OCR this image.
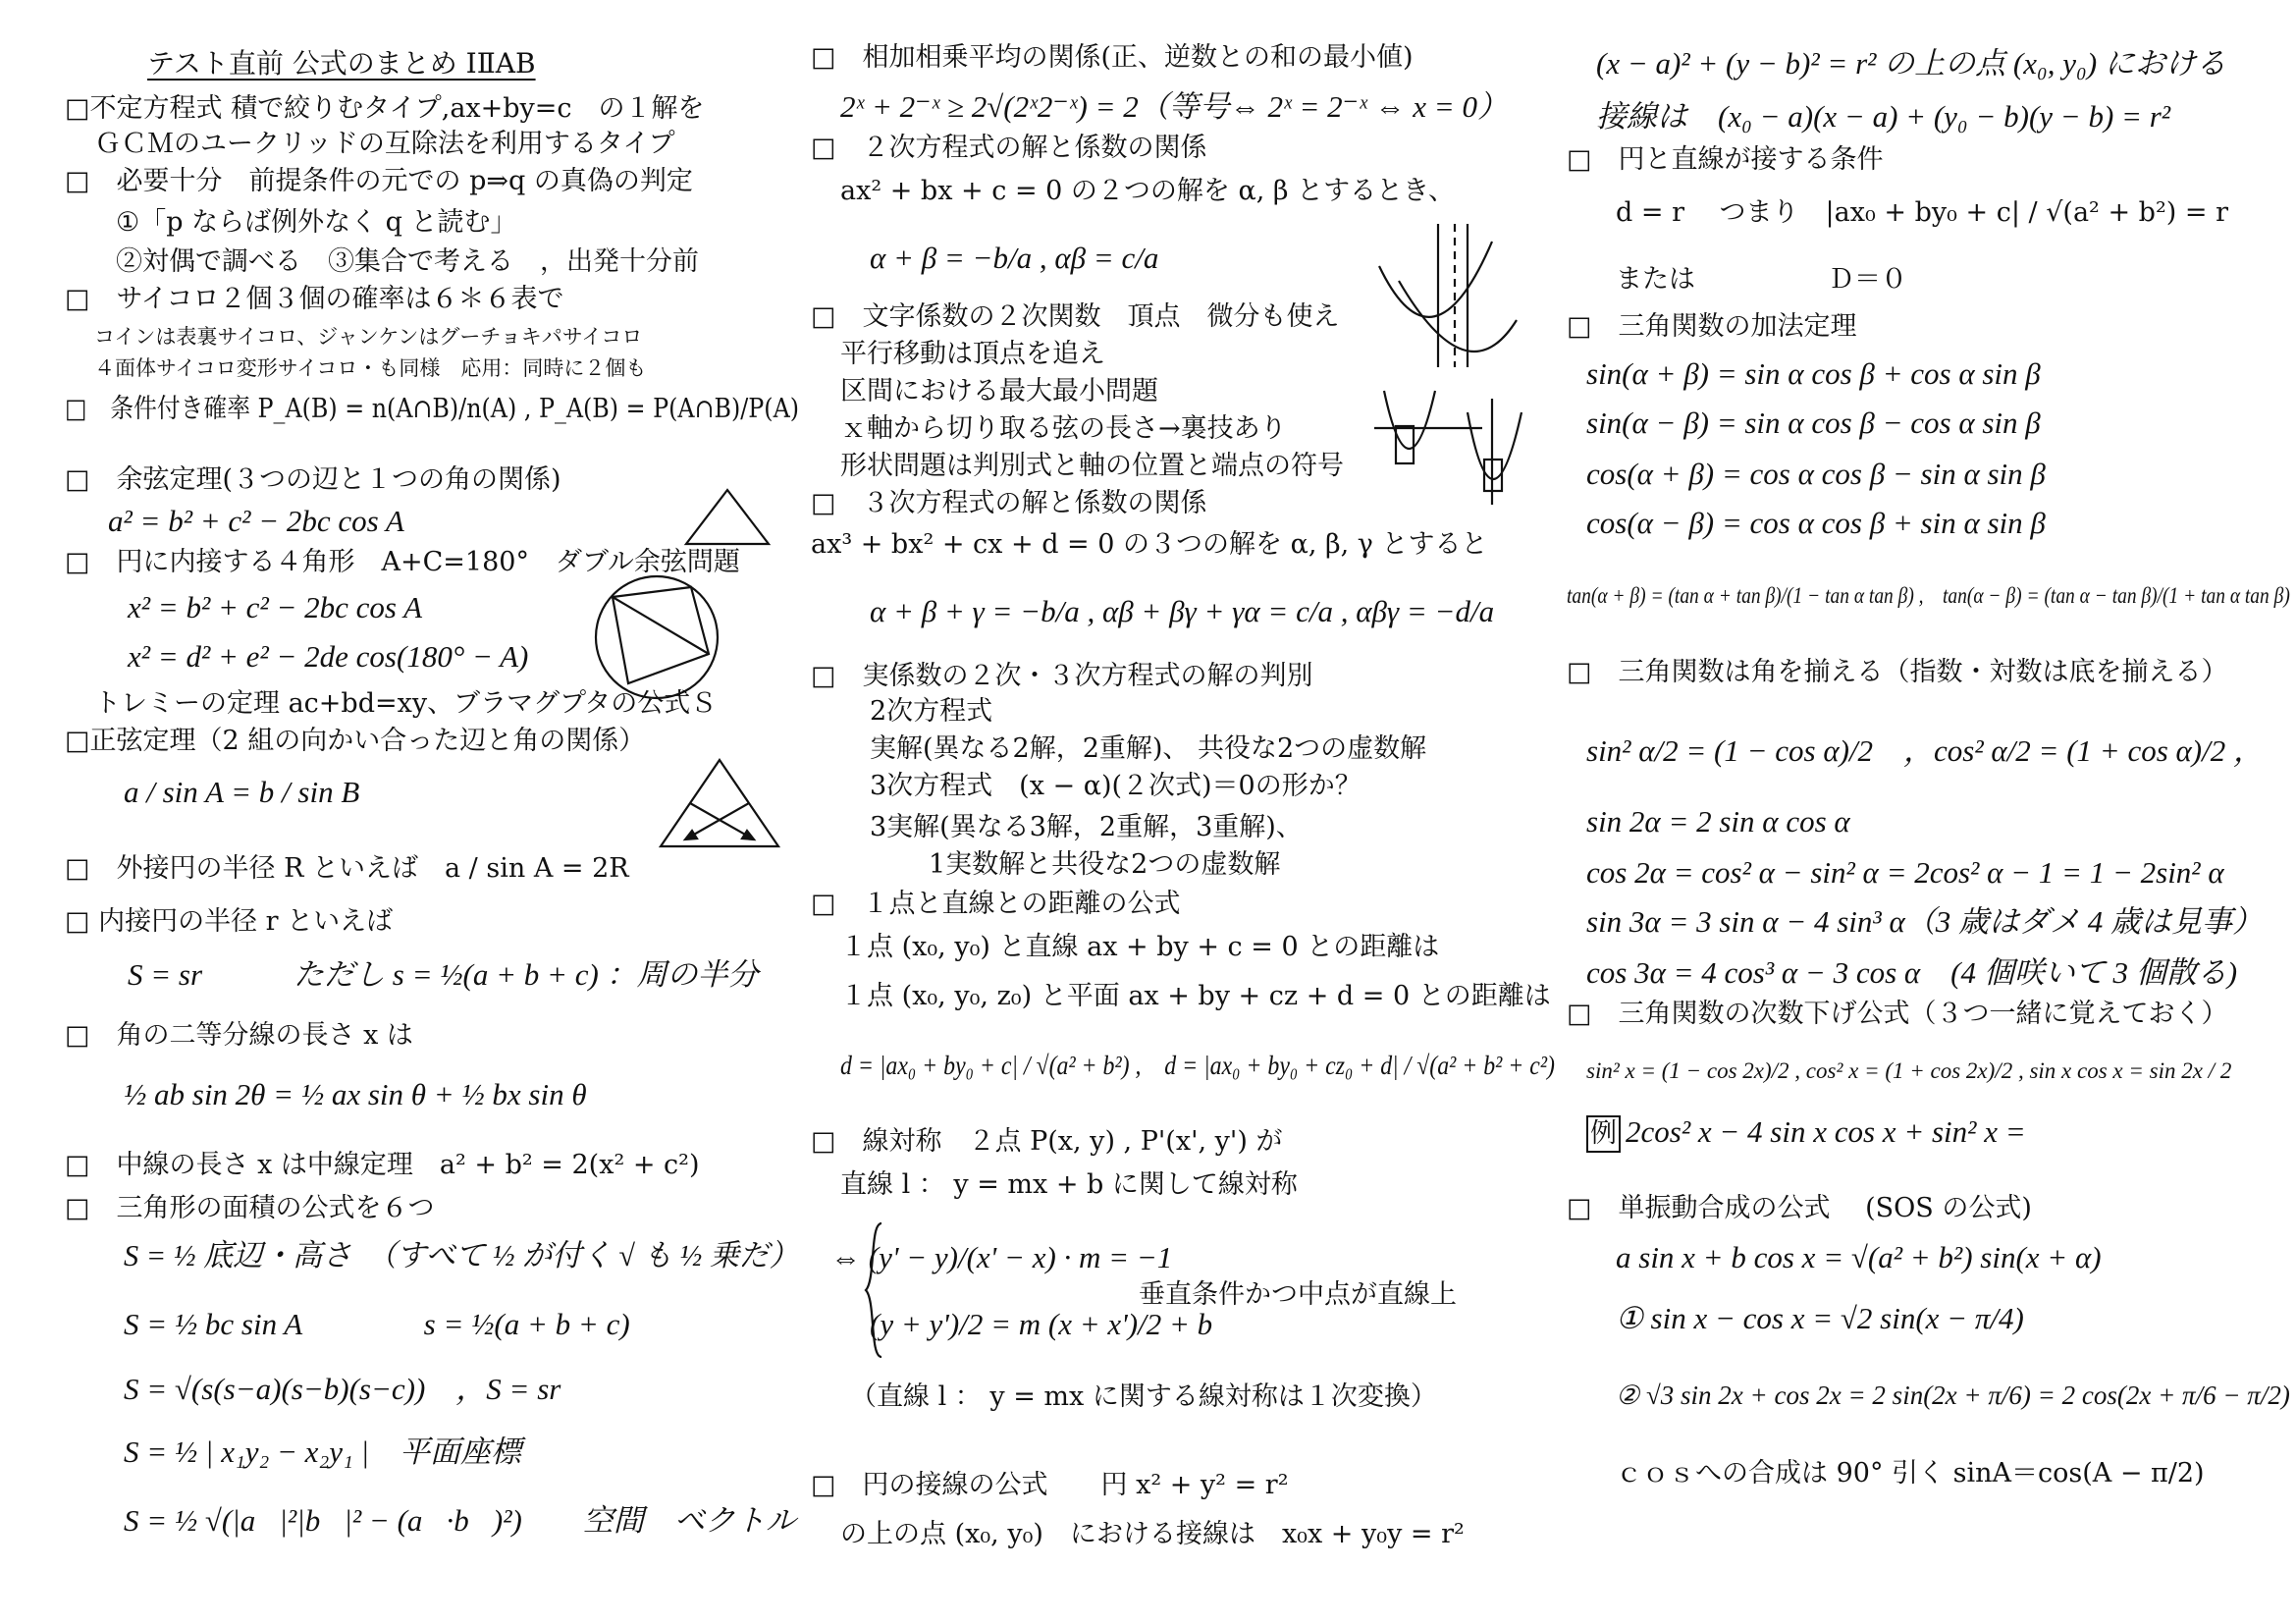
テスト直前 公式のまとめ ⅠⅡAB
□不定方程式 積で絞りむタイプ,ax+by=c　の１解を
ＧＣＭのユークリッドの互除法を利用するタイプ
□　必要十分　前提条件の元での p⇒q の真偽の判定
①「p ならば例外なく q と読む」
②対偶で調べる　③集合で考える　，出発十分前
□　サイコロ２個３個の確率は６＊６表で
コインは表裏サイコロ、ジャンケンはグーチョキパサイコロ
４面体サイコロ変形サイコロ・も同様　応用：同時に２個も
□　条件付き確率 P_A(B) = n(A∩B)/n(A) , P_A(B) = P(A∩B)/P(A)
□　余弦定理(３つの辺と１つの角の関係)
a² = b² + c² − 2bc cos A
□　円に内接する４角形　A+C=180°　ダブル余弦問題
x² = b² + c² − 2bc cos A
x² = d² + e² − 2de cos(180° − A)
トレミーの定理 ac+bd=xy、ブラマグプタの公式Ｓ
□正弦定理（2 組の向かい合った辺と角の関係）
a / sin A = b / sin B
□　外接円の半径 R といえば　a / sin A = 2R
□ 内接円の半径 r といえば
S = sr　　　ただし s = ½(a + b + c) ：周の半分
□　角の二等分線の長さ x は
½ ab sin 2θ = ½ ax sin θ + ½ bx sin θ
□　中線の長さ x は中線定理　a² + b² = 2(x² + c²)
□　三角形の面積の公式を６つ
S = ½ 底辺・高さ　（すべて ½ が付く √ も ½ 乗だ）
S = ½ bc sin A　　　　s = ½(a + b + c)
S = √(s(s−a)(s−b)(s−c))　，S = sr
S = ½ | x₁y₂ − x₂y₁ |　平面座標
S = ½ √(|a⃗|²|b⃗|² − (a⃗·b⃗)²)　　空間　ベクトル
□　相加相乗平均の関係(正、逆数との和の最小値)
2ˣ + 2⁻ˣ ≥ 2√(2ˣ2⁻ˣ) = 2（等号⇔ 2ˣ = 2⁻ˣ ⇔ x = 0）
□　２次方程式の解と係数の関係
ax² + bx + c = 0 の２つの解を α, β とするとき、
α + β = −b/a , αβ = c/a
□　文字係数の２次関数　頂点　微分も使え
平行移動は頂点を追え
区間における最大最小問題
ｘ軸から切り取る弦の長さ→裏技あり
形状問題は判別式と軸の位置と端点の符号
□　３次方程式の解と係数の関係
ax³ + bx² + cx + d = 0 の３つの解を α, β, γ とすると
α + β + γ = −b/a , αβ + βγ + γα = c/a , αβγ = −d/a
□　実係数の２次・３次方程式の解の判別
2次方程式
実解(異なる2解，2重解)、 共役な2つの虚数解
3次方程式　(x − α)(２次式)＝0の形か？
3実解(異なる3解，2重解，3重解)、
1実数解と共役な2つの虚数解
□　１点と直線との距離の公式
１点 (x₀, y₀) と直線 ax + by + c = 0 との距離は
１点 (x₀, y₀, z₀) と平面 ax + by + cz + d = 0 との距離は
d = |ax₀ + by₀ + c| / √(a² + b²) ,　d = |ax₀ + by₀ + cz₀ + d| / √(a² + b² + c²)
□　線対称　２点 P(x, y) , P'(x', y') が
直線 l ： y = mx + b に関して線対称
⇔ (y' − y)/(x' − x) · m = −1
(y + y')/2 = m (x + x')/2 + b
垂直条件かつ中点が直線上
（直線 l ： y = mx に関する線対称は１次変換）
□　円の接線の公式　　円 x² + y² = r²
の上の点 (x₀, y₀)　における接線は　x₀x + y₀y = r²
(x − a)² + (y − b)² = r² の上の点 (x₀, y₀) における
接線は　(x₀ − a)(x − a) + (y₀ − b)(y − b) = r²
□　円と直線が接する条件
d = r　 つまり　|ax₀ + by₀ + c| / √(a² + b²) = r
または　　　　　Ｄ＝０
□　三角関数の加法定理
sin(α + β) = sin α cos β + cos α sin β
sin(α − β) = sin α cos β − cos α sin β
cos(α + β) = cos α cos β − sin α sin β
cos(α − β) = cos α cos β + sin α sin β
tan(α + β) = (tan α + tan β)/(1 − tan α tan β) ,　tan(α − β) = (tan α − tan β)/(1 + tan α tan β)
□　三角関数は角を揃える（指数・対数は底を揃える）
sin² α/2 = (1 − cos α)/2　，cos² α/2 = (1 + cos α)/2 ，
sin 2α = 2 sin α cos α
cos 2α = cos² α − sin² α = 2cos² α − 1 = 1 − 2sin² α
sin 3α = 3 sin α − 4 sin³ α（3 歳はダメ 4 歳は見事）
cos 3α = 4 cos³ α − 3 cos α　(4 個咲いて 3 個散る)
□　三角関数の次数下げ公式（３つ一緒に覚えておく）
sin² x = (1 − cos 2x)/2 , cos² x = (1 + cos 2x)/2 , sin x cos x = sin 2x / 2
例 2cos² x − 4 sin x cos x + sin² x =
□　単振動合成の公式　 (SOS の公式)
a sin x + b cos x = √(a² + b²) sin(x + α)
① sin x − cos x = √2 sin(x − π/4)
② √3 sin 2x + cos 2x = 2 sin(2x + π/6) = 2 cos(2x + π/6 − π/2)
ｃｏｓへの合成は 90° 引く sinA＝cos(A − π/2)
